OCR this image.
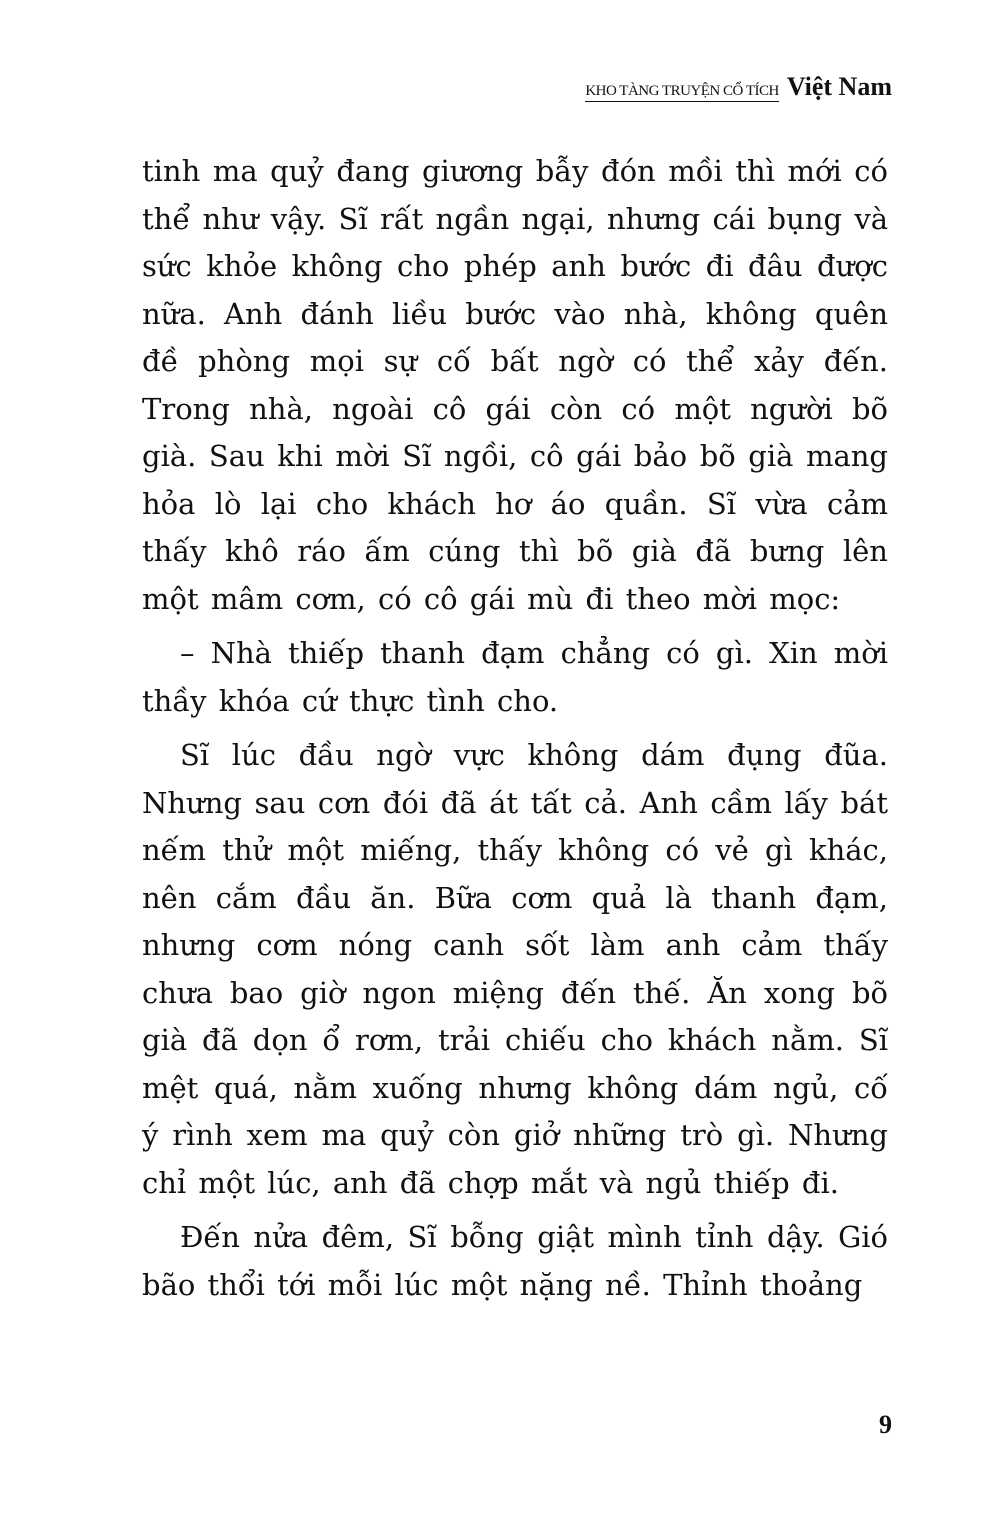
KHO TÀNG TRUYỆN CỔ TÍCH Việt Nam

tinh ma quỷ đang giương bẫy đón mồi thì mới có thể như vậy. Sĩ rất ngần ngại, nhưng cái bụng và sức khỏe không cho phép anh bước đi đâu được nữa. Anh đánh liều bước vào nhà, không quên đề phòng mọi sự cố bất ngờ có thể xảy đến. Trong nhà, ngoài cô gái còn có một người bõ già. Sau khi mời Sĩ ngồi, cô gái bảo bõ già mang hỏa lò lại cho khách hơ áo quần. Sĩ vừa cảm thấy khô ráo ấm cúng thì bõ già đã bưng lên một mâm cơm, có cô gái mù đi theo mời mọc:

– Nhà thiếp thanh đạm chẳng có gì. Xin mời thầy khóa cứ thực tình cho.

Sĩ lúc đầu ngờ vực không dám đụng đũa. Nhưng sau cơn đói đã át tất cả. Anh cầm lấy bát nếm thử một miếng, thấy không có vẻ gì khác, nên cắm đầu ăn. Bữa cơm quả là thanh đạm, nhưng cơm nóng canh sốt làm anh cảm thấy chưa bao giờ ngon miệng đến thế. Ăn xong bõ già đã dọn ổ rơm, trải chiếu cho khách nằm. Sĩ mệt quá, nằm xuống nhưng không dám ngủ, cố ý rình xem ma quỷ còn giở những trò gì. Nhưng chỉ một lúc, anh đã chợp mắt và ngủ thiếp đi.

Đến nửa đêm, Sĩ bỗng giật mình tỉnh dậy. Gió bão thổi tới mỗi lúc một nặng nề. Thỉnh thoảng

9
